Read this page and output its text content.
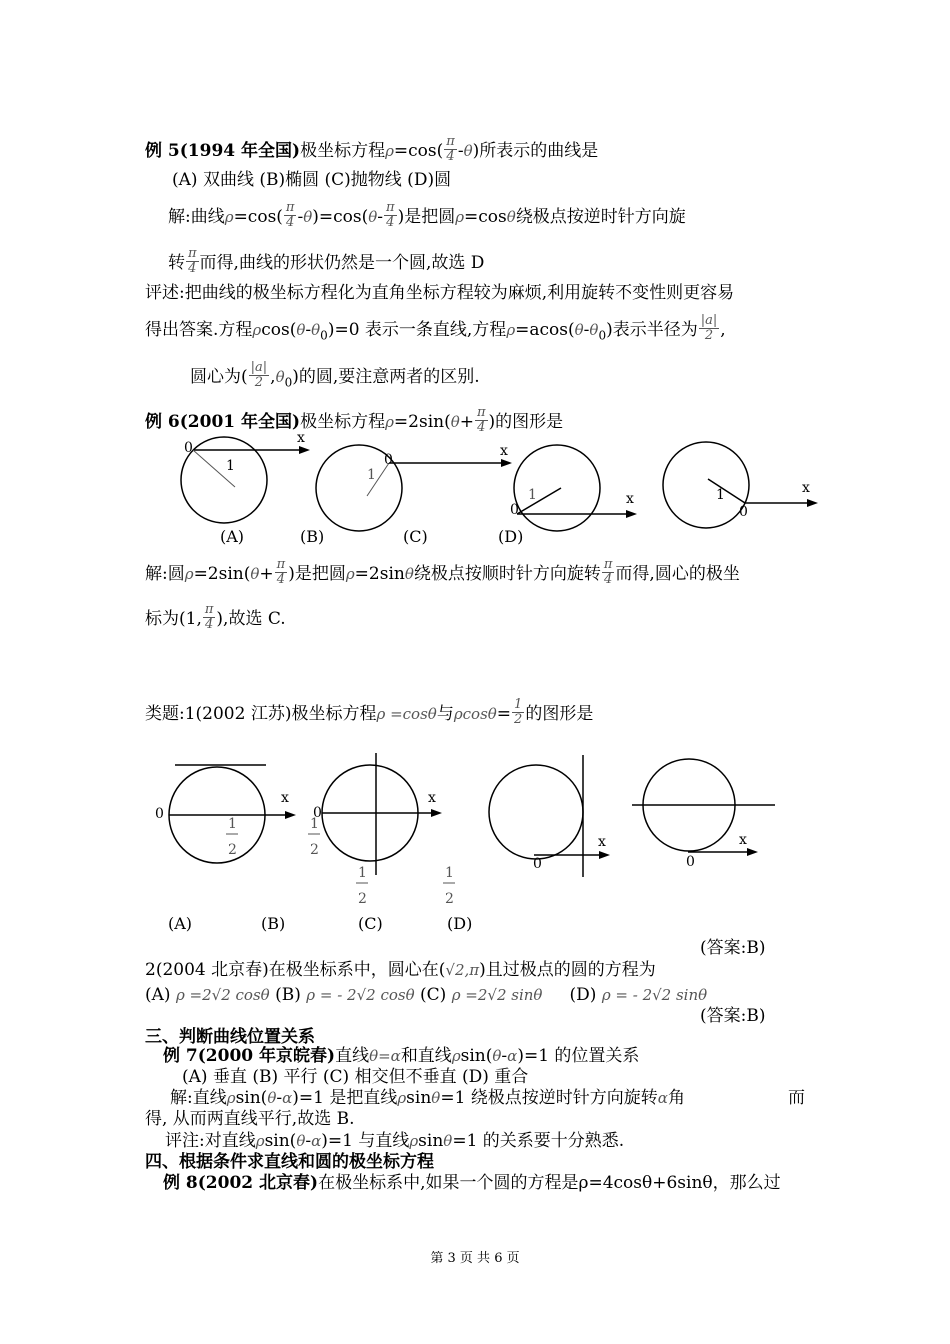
例 5(1994 年全国)极坐标方程$\rho=\cos( \frac{\pi}{4} -\theta)$所表示的曲线是
(A) 双曲线 (B)椭圆 (C)抛物线 (D)圆
解:曲线$\rho=\cos( \frac{\pi}{4} -\theta)=\cos(\theta- \frac{\pi}{4}$ )是把圆ρ=cosθ绕极点按逆时针方向旋
转 $\frac{\pi}{4}$ 而得,曲线的形状仍然是一个圆,故选 D
评述:把曲线的极坐标方程化为直角坐标方程较为麻烦,利用旋转不变性则更容易
得出答案.方程$\rho\cos(\theta-\theta_0)=0$ 表示一条直线,方程$\rho=acos(\theta-\theta_0)$表示半径为 $\frac{|a|}{2}$ ,
圆心为( $\frac{|a|}{2} ,\theta_0$)的圆,要注意两者的区别.
例 6(2001 年全国)极坐标方程$\rho=2\sin(\theta+ \frac{\pi}{4}$ )的图形是
0
1
x
0
1
x
0
1	x
0
1	x
(A)	(B)	(C)	(D)
解:圆$\rho=2\sin(\theta+ \frac{\pi}{4}$ )是把圆ρ=2sinθ绕极点按顺时针方向旋转 $\frac{\pi}{4}$ 而得,圆心的极坐
标为(1, $\frac{\pi}{4}$ ),故选 C.
类题:1(2002 江苏)极坐标方程ρ =cosθ与$\rho\cos\theta= \frac{1}{2}$ 的图形是
0
x
1
2
0
x
1
2
1
2
0
x
1
2
0
x
(A)	(B)	(C)	(D)
(答案:B)
2(2004 北京春)在极坐标系中，圆心在(√2,π)且过极点的圆的方程为
(A) ρ =2√2 cosθ (B) ρ = - 2√2 cosθ (C) ρ =2√2 sinθ (D) ρ = - 2√2 sinθ
(答案:B)
三、判断曲线位置关系
例 7(2000 年京皖春)直线θ=α和直线ρsin(θ-α)=1 的位置关系
(A) 垂直 (B) 平行 (C) 相交但不垂直 (D) 重合
解:直线ρsin(θ-α)=1 是把直线ρsinθ=1 绕极点按逆时针方向旋转α角	而
得, 从而两直线平行,故选 B.
评注:对直线ρsin(θ-α)=1 与直线ρsinθ=1 的关系要十分熟悉.
四、根据条件求直线和圆的极坐标方程
例 8(2002 北京春)在极坐标系中,如果一个圆的方程是ρ=4cosθ+6sinθ，那么过
第 3 页 共 6 页
